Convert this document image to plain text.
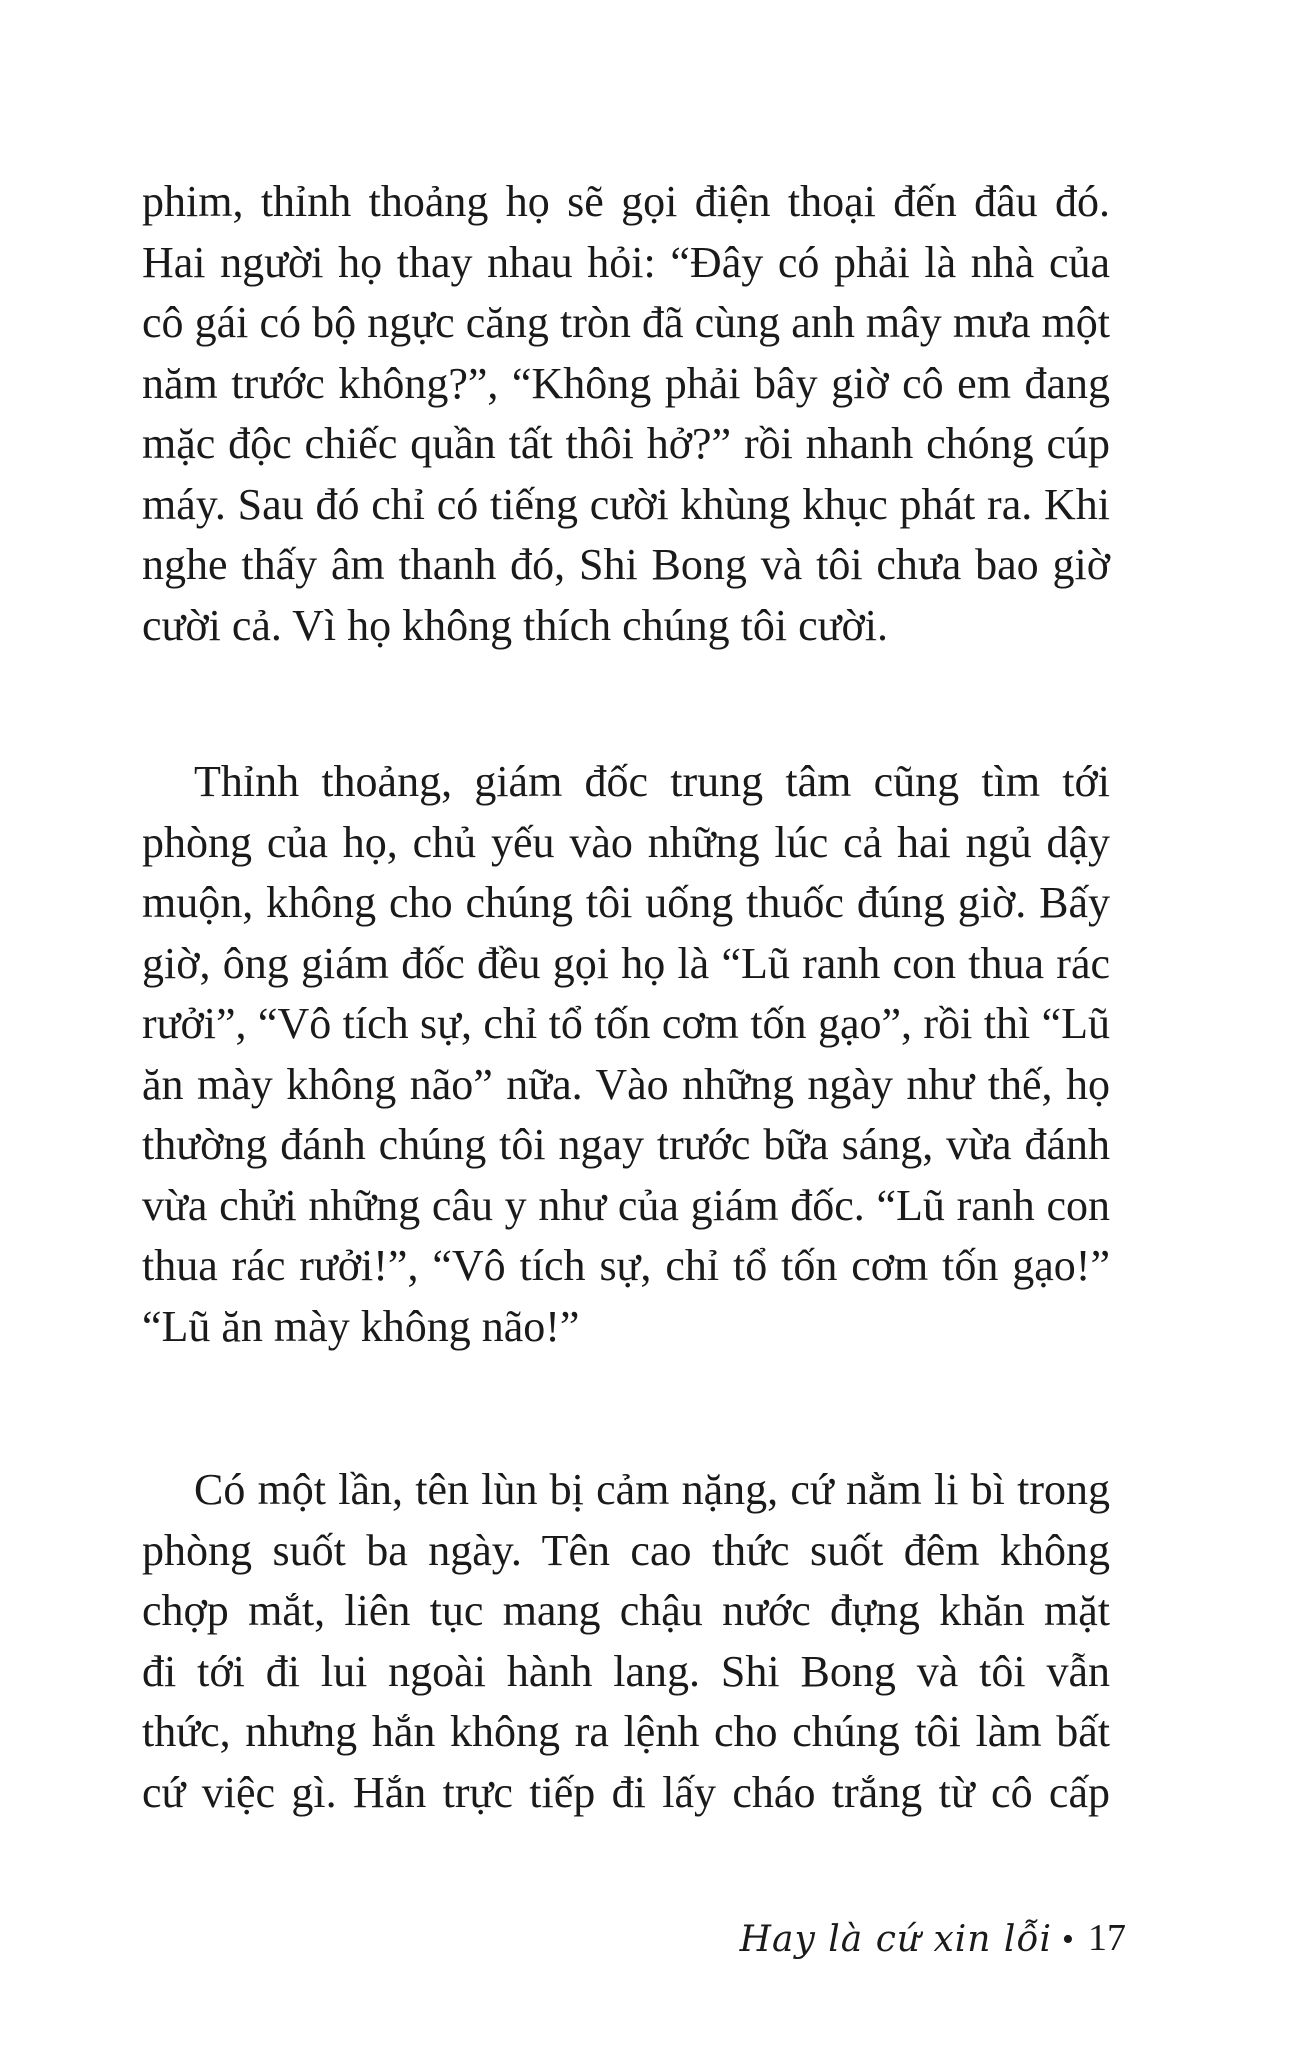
phim, thỉnh thoảng họ sẽ gọi điện thoại đến đâu đó.
Hai người họ thay nhau hỏi: “Đây có phải là nhà của
cô gái có bộ ngực căng tròn đã cùng anh mây mưa một
năm trước không?”, “Không phải bây giờ cô em đang
mặc độc chiếc quần tất thôi hở?” rồi nhanh chóng cúp
máy. Sau đó chỉ có tiếng cười khùng khục phát ra. Khi
nghe thấy âm thanh đó, Shi Bong và tôi chưa bao giờ
cười cả. Vì họ không thích chúng tôi cười.
Thỉnh thoảng, giám đốc trung tâm cũng tìm tới
phòng của họ, chủ yếu vào những lúc cả hai ngủ dậy
muộn, không cho chúng tôi uống thuốc đúng giờ. Bấy
giờ, ông giám đốc đều gọi họ là “Lũ ranh con thua rác
rưởi”, “Vô tích sự, chỉ tổ tốn cơm tốn gạo”, rồi thì “Lũ
ăn mày không não” nữa. Vào những ngày như thế, họ
thường đánh chúng tôi ngay trước bữa sáng, vừa đánh
vừa chửi những câu y như của giám đốc. “Lũ ranh con
thua rác rưởi!”, “Vô tích sự, chỉ tổ tốn cơm tốn gạo!”
“Lũ ăn mày không não!”
Có một lần, tên lùn bị cảm nặng, cứ nằm li bì trong
phòng suốt ba ngày. Tên cao thức suốt đêm không
chợp mắt, liên tục mang chậu nước đựng khăn mặt
đi tới đi lui ngoài hành lang. Shi Bong và tôi vẫn
thức, nhưng hắn không ra lệnh cho chúng tôi làm bất
cứ việc gì. Hắn trực tiếp đi lấy cháo trắng từ cô cấp
Hay là cứ xin lỗi • 17
